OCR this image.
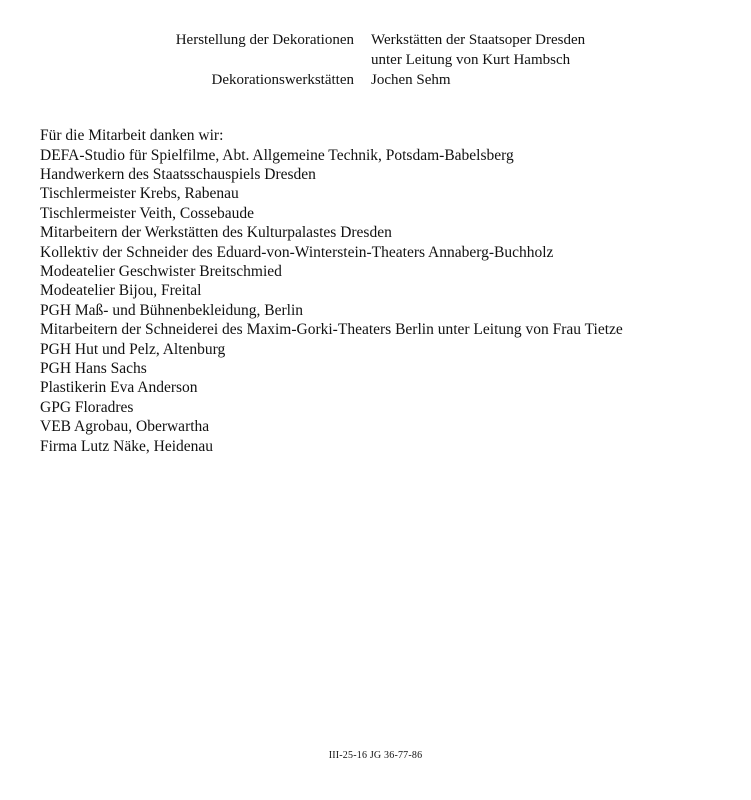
Herstellung der Dekorationen Werkstätten der Staatsoper Dresden
unter Leitung von Kurt Hambsch
Dekorationswerkstätten Jochen Sehm
Für die Mitarbeit danken wir:
DEFA-Studio für Spielfilme, Abt. Allgemeine Technik, Potsdam-Babelsberg
Handwerkern des Staatsschauspiels Dresden
Tischlermeister Krebs, Rabenau
Tischlermeister Veith, Cossebaude
Mitarbeitern der Werkstätten des Kulturpalastes Dresden
Kollektiv der Schneider des Eduard-von-Winterstein-Theaters Annaberg-Buchholz
Modeatelier Geschwister Breitschmied
Modeatelier Bijou, Freital
PGH Maß- und Bühnenbekleidung, Berlin
Mitarbeitern der Schneiderei des Maxim-Gorki-Theaters Berlin unter Leitung von Frau Tietze
PGH Hut und Pelz, Altenburg
PGH Hans Sachs
Plastikerin Eva Anderson
GPG Floradres
VEB Agrobau, Oberwartha
Firma Lutz Näke, Heidenau
III-25-16 JG 36-77-86
